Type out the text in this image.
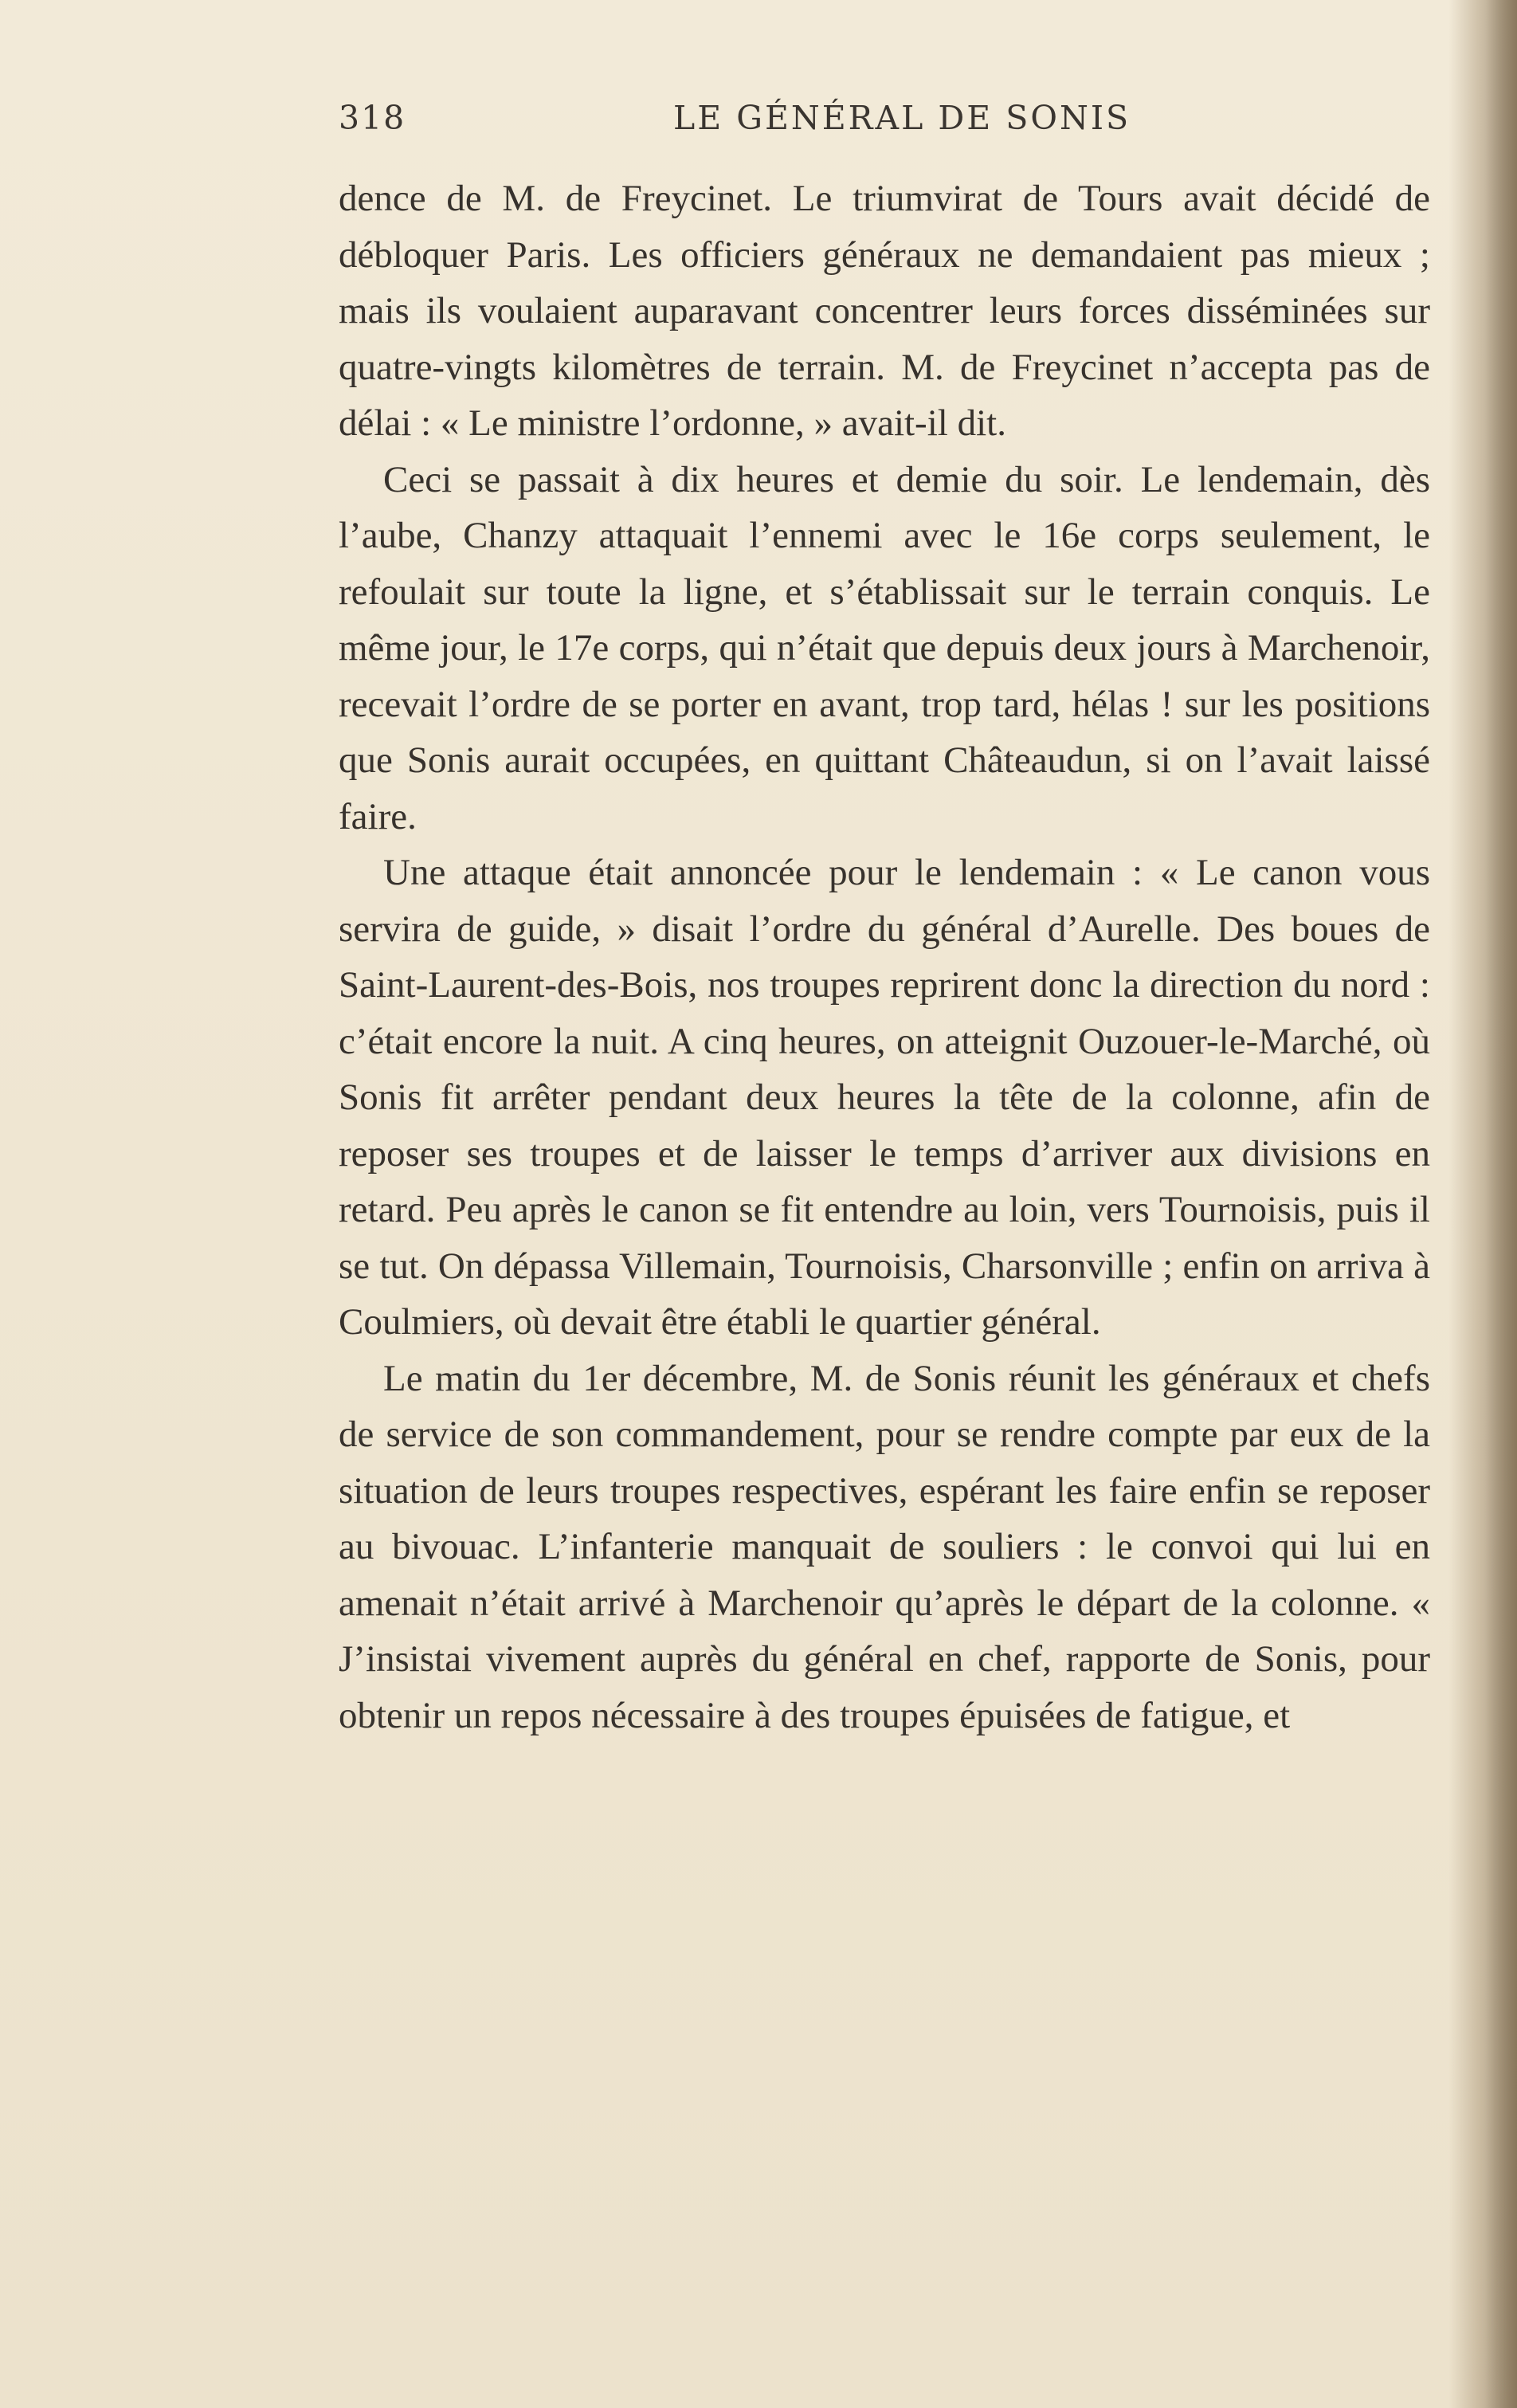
318	LE GÉNÉRAL DE SONIS

dence de M. de Freycinet. Le triumvirat de Tours avait décidé de débloquer Paris. Les officiers généraux ne demandaient pas mieux ; mais ils voulaient auparavant concentrer leurs forces disséminées sur quatre-vingts kilomètres de terrain. M. de Freycinet n’accepta pas de délai : « Le ministre l’ordonne, » avait-il dit.

Ceci se passait à dix heures et demie du soir. Le lendemain, dès l’aube, Chanzy attaquait l’ennemi avec le 16e corps seulement, le refoulait sur toute la ligne, et s’établissait sur le terrain conquis. Le même jour, le 17e corps, qui n’était que depuis deux jours à Marchenoir, recevait l’ordre de se porter en avant, trop tard, hélas ! sur les positions que Sonis aurait occupées, en quittant Châteaudun, si on l’avait laissé faire.

Une attaque était annoncée pour le lendemain : « Le canon vous servira de guide, » disait l’ordre du général d’Aurelle. Des boues de Saint-Laurent-des-Bois, nos troupes reprirent donc la direction du nord : c’était encore la nuit. A cinq heures, on atteignit Ouzouer-le-Marché, où Sonis fit arrêter pendant deux heures la tête de la colonne, afin de reposer ses troupes et de laisser le temps d’arriver aux divisions en retard. Peu après le canon se fit entendre au loin, vers Tournoisis, puis il se tut. On dépassa Villemain, Tournoisis, Charsonville ; enfin on arriva à Coulmiers, où devait être établi le quartier général.

Le matin du 1er décembre, M. de Sonis réunit les généraux et chefs de service de son commandement, pour se rendre compte par eux de la situation de leurs troupes respectives, espérant les faire enfin se reposer au bivouac. L’infanterie manquait de souliers : le convoi qui lui en amenait n’était arrivé à Marchenoir qu’après le départ de la colonne. « J’insistai vivement auprès du général en chef, rapporte de Sonis, pour obtenir un repos nécessaire à des troupes épuisées de fatigue, et
